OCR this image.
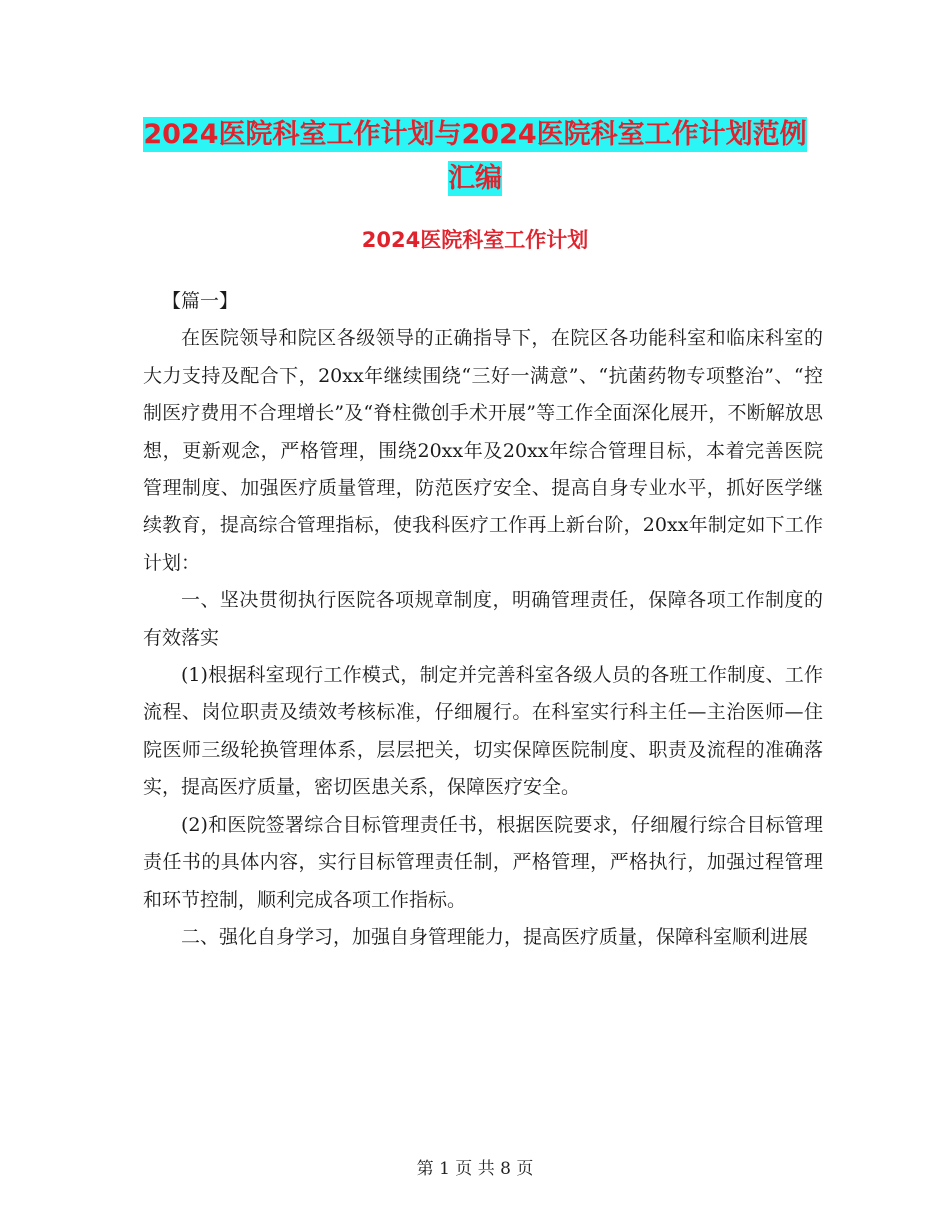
2024医院科室工作计划与2024医院科室工作计划范例
汇编
2024医院科室工作计划

【篇一】

在医院领导和院区各级领导的正确指导下，在院区各功能科室和临床科室的大力支持及配合下，20xx年继续围绕“三好一满意”、“抗菌药物专项整治”、“控制医疗费用不合理增长”及“脊柱微创手术开展”等工作全面深化展开，不断解放思想，更新观念，严格管理，围绕20xx年及20xx年综合管理目标，本着完善医院管理制度、加强医疗质量管理，防范医疗安全、提高自身专业水平，抓好医学继续教育，提高综合管理指标，使我科医疗工作再上新台阶，20xx年制定如下工作计划：

一、坚决贯彻执行医院各项规章制度，明确管理责任，保障各项工作制度的有效落实

(1)根据科室现行工作模式，制定并完善科室各级人员的各班工作制度、工作流程、岗位职责及绩效考核标准，仔细履行。在科室实行科主任—主治医师—住院医师三级轮换管理体系，层层把关，切实保障医院制度、职责及流程的准确落实，提高医疗质量，密切医患关系，保障医疗安全。

(2)和医院签署综合目标管理责任书，根据医院要求，仔细履行综合目标管理责任书的具体内容，实行目标管理责任制，严格管理，严格执行，加强过程管理和环节控制，顺利完成各项工作指标。

二、强化自身学习，加强自身管理能力，提高医疗质量，保障科室顺利进展

第 1 页 共 8 页
